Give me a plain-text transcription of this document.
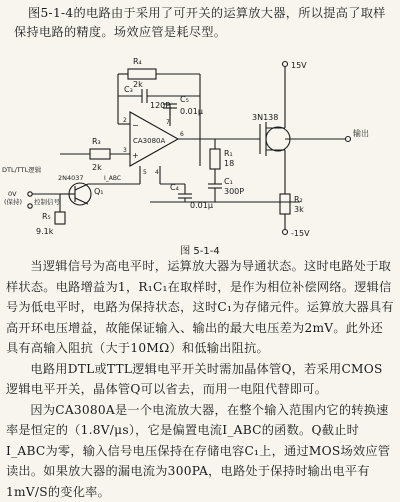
图5-1-4的电路由于采用了可开关的运算放大器，所以提高了取样保持电路的精度。场效应管是耗尽型。

R₄
2k
C₃
120P
R₃
2k
CA3080A
−
+
2
3
4
5
6
7
I_ABC
C₅
0.01μ
R₁
18
C₁
300P
C₄
0.01μ
3N138
15V
-15V
输出
R₂
3k
Q₁
2N4037
DTL/TTL逻辑
0V
(保持) 控制信号
R₅
9.1k

图 5-1-4

当逻辑信号为高电平时，运算放大器为导通状态。这时电路处于取样状态。电路增益为1，R₁C₁在取样时，是作为相位补偿网络。逻辑信号为低电平时，电路为保持状态，这时C₁为存储元件。运算放大器具有高开环电压增益，故能保证输入、输出的最大电压差为2mV。此外还具有高输入阻抗（大于10MΩ）和低输出阻抗。

电路用DTL或TTL逻辑电平开关时需加晶体管Q，若采用CMOS逻辑电平开关，晶体管Q可以省去，而用一电阻代替即可。

因为CA3080A是一个电流放大器，在整个输入范围内它的转换速率是恒定的（1.8V/μs），它是偏置电流I_ABC的函数。Q截止时I_ABC为零，输入信号电压保持在存储电容C₁上，通过MOS场效应管读出。如果放大器的漏电流为300PA，电路处于保持时输出电平有1mV/S的变化率。
